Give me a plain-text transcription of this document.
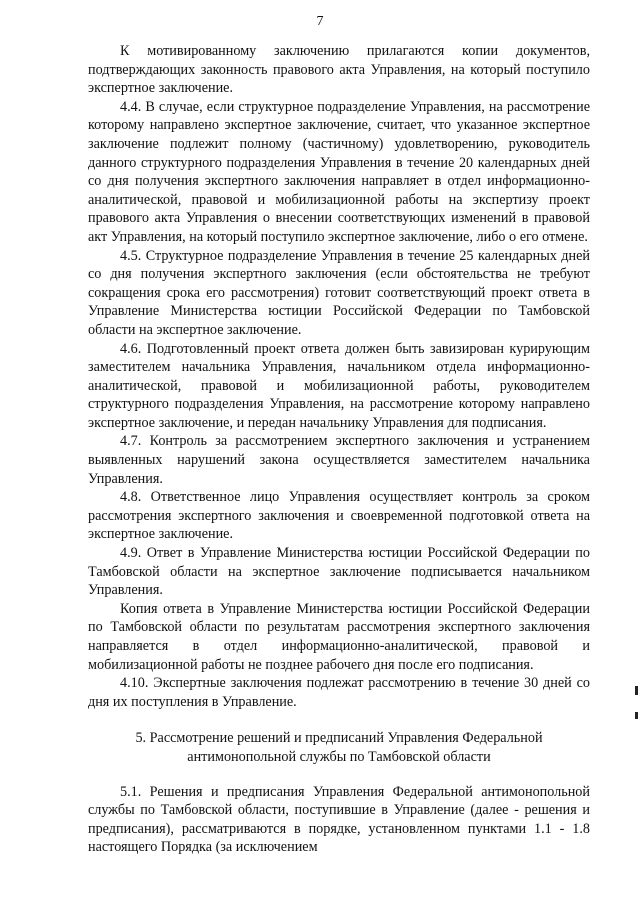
7

К мотивированному заключению прилагаются копии документов, подтверждающих законность правового акта Управления, на который поступило экспертное заключение.

4.4. В случае, если структурное подразделение Управления, на рассмотрение которому направлено экспертное заключение, считает, что указанное экспертное заключение подлежит полному (частичному) удовлетворению, руководитель данного структурного подразделения Управления в течение 20 календарных дней со дня получения экспертного заключения направляет в отдел информационно-аналитической, правовой и мобилизационной работы на экспертизу проект правового акта Управления о внесении соответствующих изменений в правовой акт Управления, на который поступило экспертное заключение, либо о его отмене.

4.5. Структурное подразделение Управления в течение 25 календарных дней со дня получения экспертного заключения (если обстоятельства не требуют сокращения срока его рассмотрения) готовит соответствующий проект ответа в Управление Министерства юстиции Российской Федерации по Тамбовской области на экспертное заключение.

4.6. Подготовленный проект ответа должен быть завизирован курирующим заместителем начальника Управления, начальником отдела информационно-аналитической, правовой и мобилизационной работы, руководителем структурного подразделения Управления, на рассмотрение которому направлено экспертное заключение, и передан начальнику Управления для подписания.

4.7. Контроль за рассмотрением экспертного заключения и устранением выявленных нарушений закона осуществляется заместителем начальника Управления.

4.8. Ответственное лицо Управления осуществляет контроль за сроком рассмотрения экспертного заключения и своевременной подготовкой ответа на экспертное заключение.

4.9. Ответ в Управление Министерства юстиции Российской Федерации по Тамбовской области на экспертное заключение подписывается начальником Управления.

Копия ответа в Управление Министерства юстиции Российской Федерации по Тамбовской области по результатам рассмотрения экспертного заключения направляется в отдел информационно-аналитической, правовой и мобилизационной работы не позднее рабочего дня после его подписания.

4.10. Экспертные заключения подлежат рассмотрению в течение 30 дней со дня их поступления в Управление.

5. Рассмотрение решений и предписаний Управления Федеральной
антимонопольной службы по Тамбовской области

5.1. Решения и предписания Управления Федеральной антимонопольной службы по Тамбовской области, поступившие в Управление (далее - решения и предписания), рассматриваются в порядке, установленном пунктами 1.1 - 1.8 настоящего Порядка (за исключением
